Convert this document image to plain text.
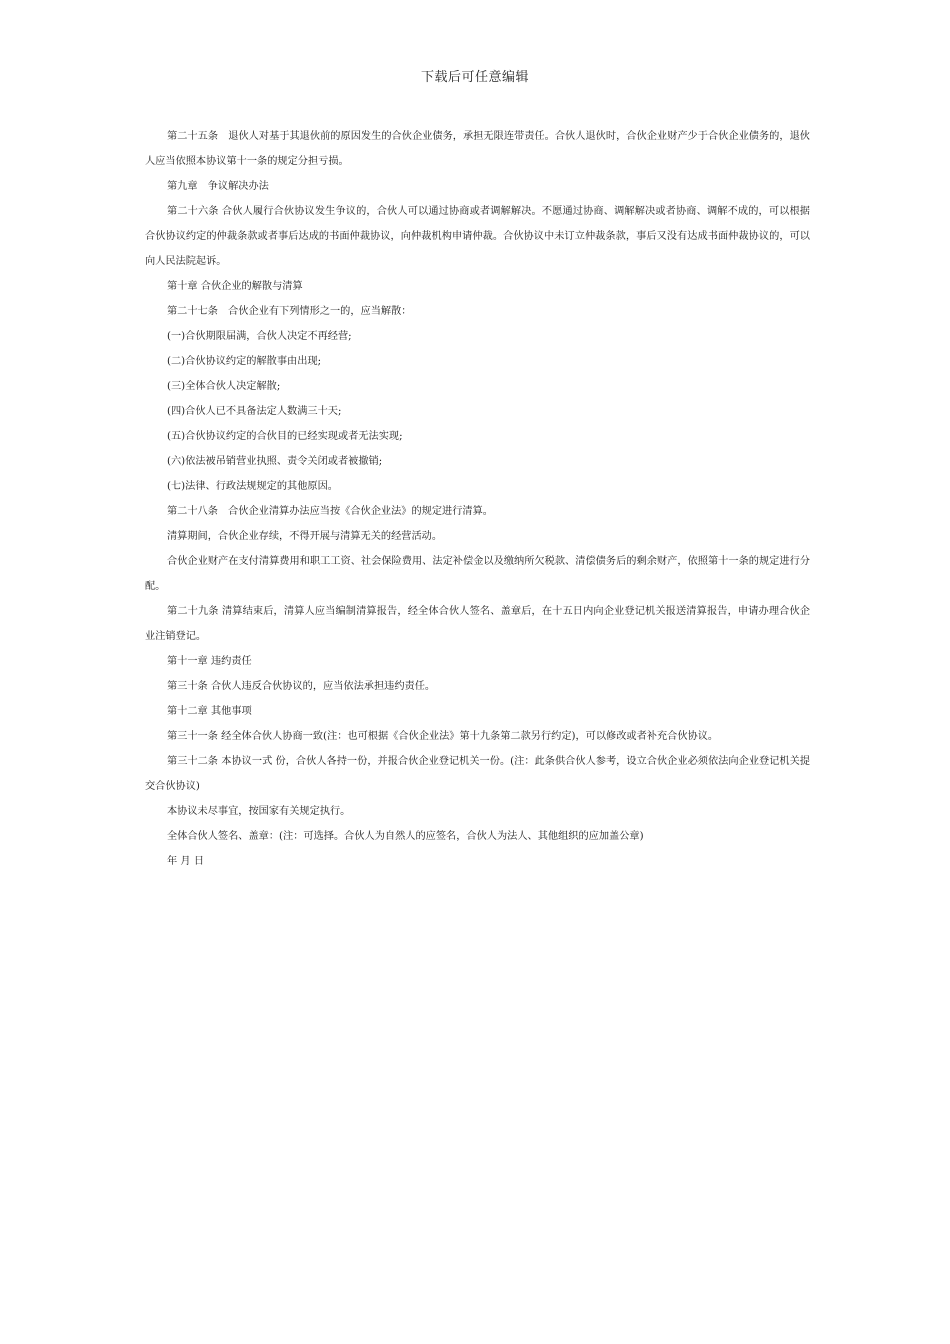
下载后可任意编辑

第二十五条　退伙人对基于其退伙前的原因发生的合伙企业债务，承担无限连带责任。合伙人退伙时，合伙企业财产少于合伙企业债务的，退伙人应当依照本协议第十一条的规定分担亏损。

第九章　争议解决办法

第二十六条 合伙人履行合伙协议发生争议的，合伙人可以通过协商或者调解解决。不愿通过协商、调解解决或者协商、调解不成的，可以根据合伙协议约定的仲裁条款或者事后达成的书面仲裁协议，向仲裁机构申请仲裁。合伙协议中未订立仲裁条款，事后又没有达成书面仲裁协议的，可以向人民法院起诉。

第十章 合伙企业的解散与清算

第二十七条　合伙企业有下列情形之一的，应当解散：

(一)合伙期限届满，合伙人决定不再经营;

(二)合伙协议约定的解散事由出现;

(三)全体合伙人决定解散;

(四)合伙人已不具备法定人数满三十天;

(五)合伙协议约定的合伙目的已经实现或者无法实现;

(六)依法被吊销营业执照、责令关闭或者被撤销;

(七)法律、行政法规规定的其他原因。

第二十八条　合伙企业清算办法应当按《合伙企业法》的规定进行清算。

清算期间，合伙企业存续，不得开展与清算无关的经营活动。

合伙企业财产在支付清算费用和职工工资、社会保险费用、法定补偿金以及缴纳所欠税款、清偿债务后的剩余财产，依照第十一条的规定进行分配。

第二十九条 清算结束后，清算人应当编制清算报告，经全体合伙人签名、盖章后，在十五日内向企业登记机关报送清算报告，申请办理合伙企业注销登记。

第十一章 违约责任

第三十条 合伙人违反合伙协议的，应当依法承担违约责任。

第十二章 其他事项

第三十一条 经全体合伙人协商一致(注：也可根据《合伙企业法》第十九条第二款另行约定)，可以修改或者补充合伙协议。

第三十二条 本协议一式 份，合伙人各持一份，并报合伙企业登记机关一份。(注：此条供合伙人参考，设立合伙企业必须依法向企业登记机关提交合伙协议)

本协议未尽事宜，按国家有关规定执行。

全体合伙人签名、盖章：(注：可选择。合伙人为自然人的应签名，合伙人为法人、其他组织的应加盖公章)

年 月 日
